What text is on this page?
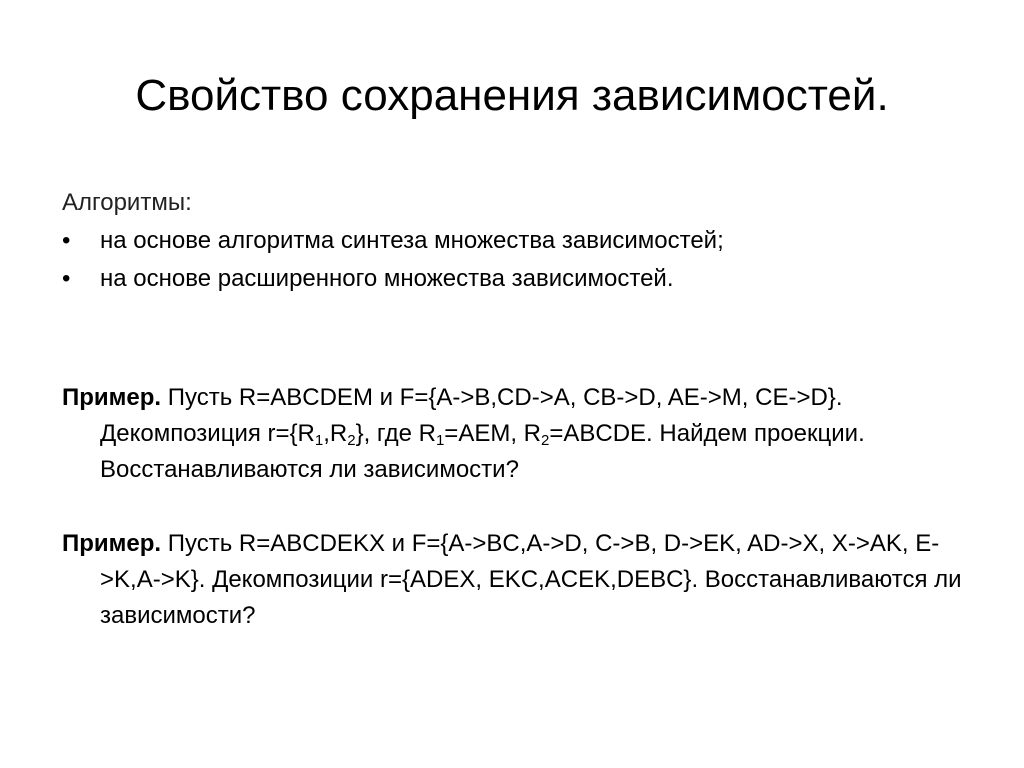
Свойство сохранения зависимостей.

Алгоритмы:

• на основе алгоритма синтеза множества зависимостей;
• на основе расширенного множества зависимостей.

Пример. Пусть R=ABCDEM и F={A->B,CD->A, CB->D, AE->M, CE->D}. Декомпозиция $r=\{R_1,R_2\}$, где $R_1=AEM$, $R_2=ABCDE$. Найдем проекции. Восстанавливаются ли зависимости?

Пример. Пусть R=ABCDEKX и F={A->BC,A->D, C->B, D->EK, AD->X, X->AK, E->K,A->K}. Декомпозиции r={ADEX, EKC,ACEK,DEBC}. Восстанавливаются ли зависимости?
